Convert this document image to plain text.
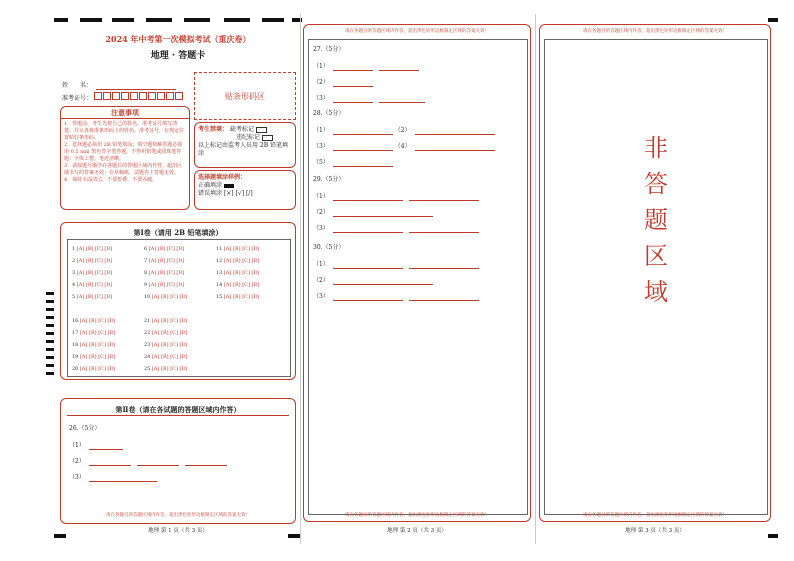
2024 年中考第一次模拟考试（重庆卷）
地理 · 答题卡
姓　　名：
准考证号：	贴条形码区
注意事项
1．答题前，考生先将自己的姓名，准考证号填写清楚，并认真核准条形码上的姓名、准考证号，在规定位置贴好条形码。
2．选择题必须用 2B 铅笔填涂；填空题和解答题必须用 0.5 mm 黑色签字笔答题，不得用铅笔或圆珠笔答题；字体工整、笔迹清晰。
3．请按题号顺序在各题目的答题区域内作答，超出区域书写的答案无效；在草稿纸、试题卷上答题无效。
4．保持卡面清洁，不要折叠、不要弄破。
考生禁填： 缺考标记
违纪标记
以上标记由监考人员用 2B 铅笔填涂
选择题填涂样例：
正确填涂
错误填涂 [×] [√] [/]
第Ⅰ卷（请用 2B 铅笔填涂）
1 [A] [B] [C] [D]
2 [A] [B] [C] [D]
3 [A] [B] [C] [D]
4 [A] [B] [C] [D]
5 [A] [B] [C] [D]
6 [A] [B] [C] [D]
7 [A] [B] [C] [D]
8 [A] [B] [C] [D]
9 [A] [B] [C] [D]
10 [A] [B] [C] [D]
11 [A] [B] [C] [D]
12 [A] [B] [C] [D]
13 [A] [B] [C] [D]
14 [A] [B] [C] [D]
15 [A] [B] [C] [D]
16 [A] [B] [C] [D]
17 [A] [B] [C] [D]
18 [A] [B] [C] [D]
19 [A] [B] [C] [D]
20 [A] [B] [C] [D]
21 [A] [B] [C] [D]
22 [A] [B] [C] [D]
23 [A] [B] [C] [D]
24 [A] [B] [C] [D]
25 [A] [B] [C] [D]
第Ⅱ卷（请在各试题的答题区域内作答）
26.（5分）
（1）
（2）
（3）
请在各题目的答题区域内作答，超出黑色矩形边框限定区域的答案无效！
地理 第 1 页（共 3 页）
请在各题目的答题区域内作答，超出黑色矩形边框限定区域的答案无效！
27.（5分）
（1）
（2）
（3）
28.（5分）
（1）	（2）
（3）	（4）
（5）
29.（5分）
（1）
（2）
（3）
30.（5分）
（1）
（2）
（3）
请在各题目的答题区域内作答，超出黑色矩形边框限定区域的答案无效！
地理 第 2 页（共 3 页）
请在各题目的答题区域内作答，超出黑色矩形边框限定区域的答案无效！
非
答
题
区
域
请在各题目的答题区域内作答，超出黑色矩形边框限定区域的答案无效！
地理 第 3 页（共 3 页）
